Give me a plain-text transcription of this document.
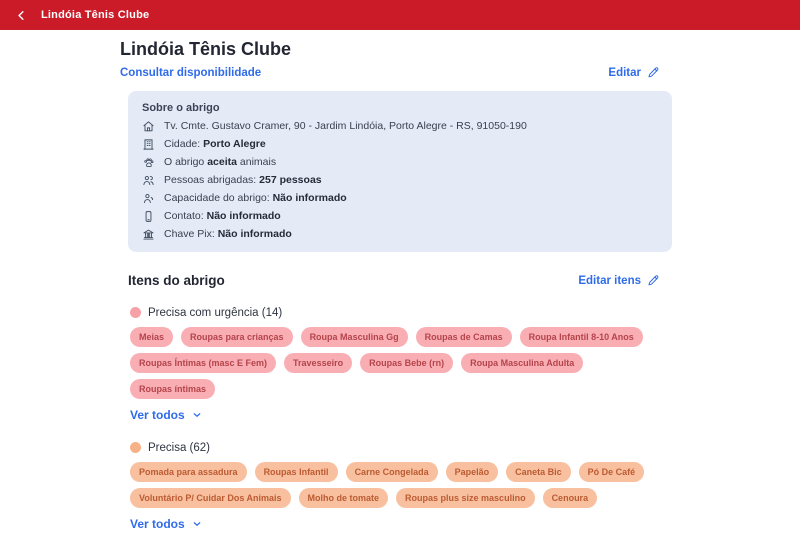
Lindóia Tênis Clube
Lindóia Tênis Clube
Consultar disponibilidade	Editar
Sobre o abrigo
Tv. Cmte. Gustavo Cramer, 90 - Jardim Lindóia, Porto Alegre - RS, 91050-190
Cidade: Porto Alegre
O abrigo aceita animais
Pessoas abrigadas: 257 pessoas
Capacidade do abrigo: Não informado
Contato: Não informado
Chave Pix: Não informado
Itens do abrigo	Editar itens
Precisa com urgência (14)
Meias	Roupas para crianças	Roupa Masculina Gg	Roupas de Camas	Roupa Infantil 8-10 Anos
Roupas Íntimas (masc E Fem)	Travesseiro	Roupas Bebe (rn)	Roupa Masculina Adulta
Roupas íntimas
Ver todos
Precisa (62)
Pomada para assadura	Roupas Infantil	Carne Congelada	Papelão	Caneta Bic	Pó De Café
Voluntário P/ Cuidar Dos Animais	Molho de tomate	Roupas plus size masculino	Cenoura
Ver todos
